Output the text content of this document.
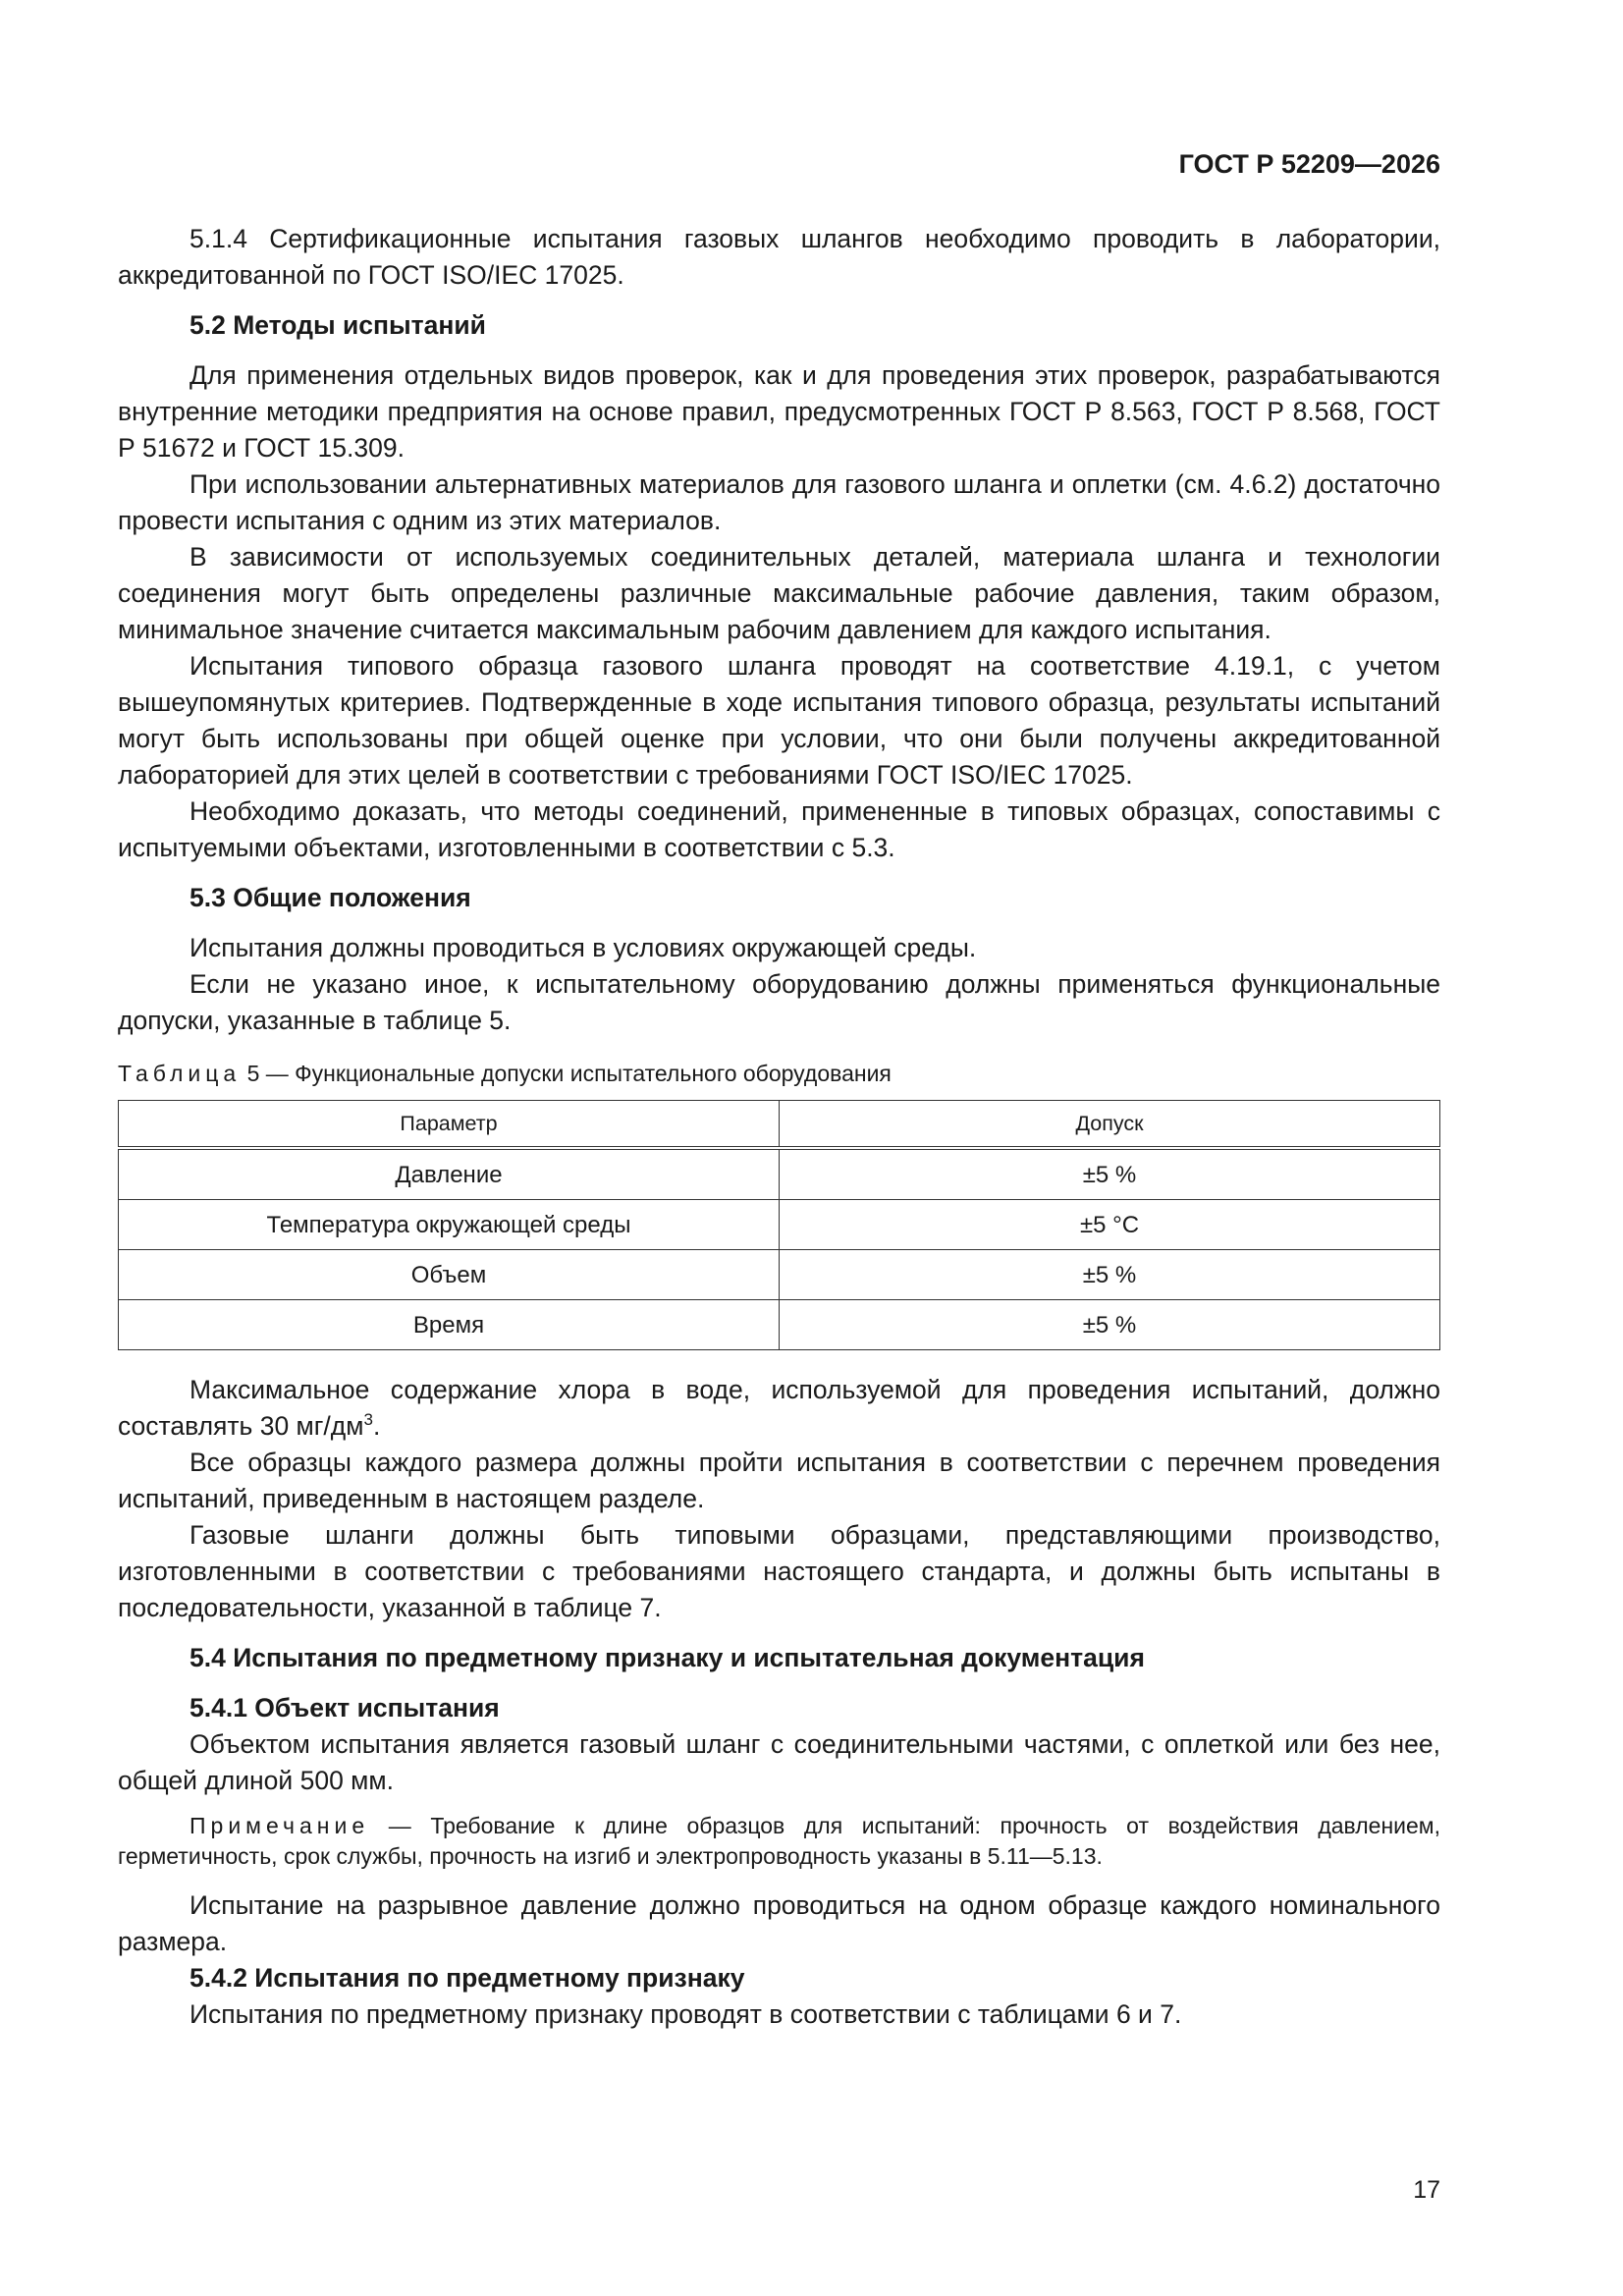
ГОСТ Р 52209—2026

5.1.4 Сертификационные испытания газовых шлангов необходимо проводить в лаборатории, аккредитованной по ГОСТ ISO/IEC 17025.

5.2 Методы испытаний

Для применения отдельных видов проверок, как и для проведения этих проверок, разрабатываются внутренние методики предприятия на основе правил, предусмотренных ГОСТ Р 8.563, ГОСТ Р 8.568, ГОСТ Р 51672 и ГОСТ 15.309.

При использовании альтернативных материалов для газового шланга и оплетки (см. 4.6.2) достаточно провести испытания с одним из этих материалов.

В зависимости от используемых соединительных деталей, материала шланга и технологии соединения могут быть определены различные максимальные рабочие давления, таким образом, минимальное значение считается максимальным рабочим давлением для каждого испытания.

Испытания типового образца газового шланга проводят на соответствие 4.19.1, с учетом вышеупомянутых критериев. Подтвержденные в ходе испытания типового образца, результаты испытаний могут быть использованы при общей оценке при условии, что они были получены аккредитованной лабораторией для этих целей в соответствии с требованиями ГОСТ ISO/IEC 17025.

Необходимо доказать, что методы соединений, примененные в типовых образцах, сопоставимы с испытуемыми объектами, изготовленными в соответствии с 5.3.

5.3 Общие положения

Испытания должны проводиться в условиях окружающей среды.

Если не указано иное, к испытательному оборудованию должны применяться функциональные допуски, указанные в таблице 5.

Таблица 5 — Функциональные допуски испытательного оборудования
Параметр	Допуск
Давление	±5 %
Температура окружающей среды	±5 °С
Объем	±5 %
Время	±5 %

Максимальное содержание хлора в воде, используемой для проведения испытаний, должно составлять 30 $мг/дм^3$.

Все образцы каждого размера должны пройти испытания в соответствии с перечнем проведения испытаний, приведенным в настоящем разделе.

Газовые шланги должны быть типовыми образцами, представляющими производство, изготовленными в соответствии с требованиями настоящего стандарта, и должны быть испытаны в последовательности, указанной в таблице 7.

5.4 Испытания по предметному признаку и испытательная документация
5.4.1 Объект испытания

Объектом испытания является газовый шланг с соединительными частями, с оплеткой или без нее, общей длиной 500 мм.

Примечание — Требование к длине образцов для испытаний: прочность от воздействия давлением, герметичность, срок службы, прочность на изгиб и электропроводность указаны в 5.11—5.13.

Испытание на разрывное давление должно проводиться на одном образце каждого номинального размера.

5.4.2 Испытания по предметному признаку

Испытания по предметному признаку проводят в соответствии с таблицами 6 и 7.

17
